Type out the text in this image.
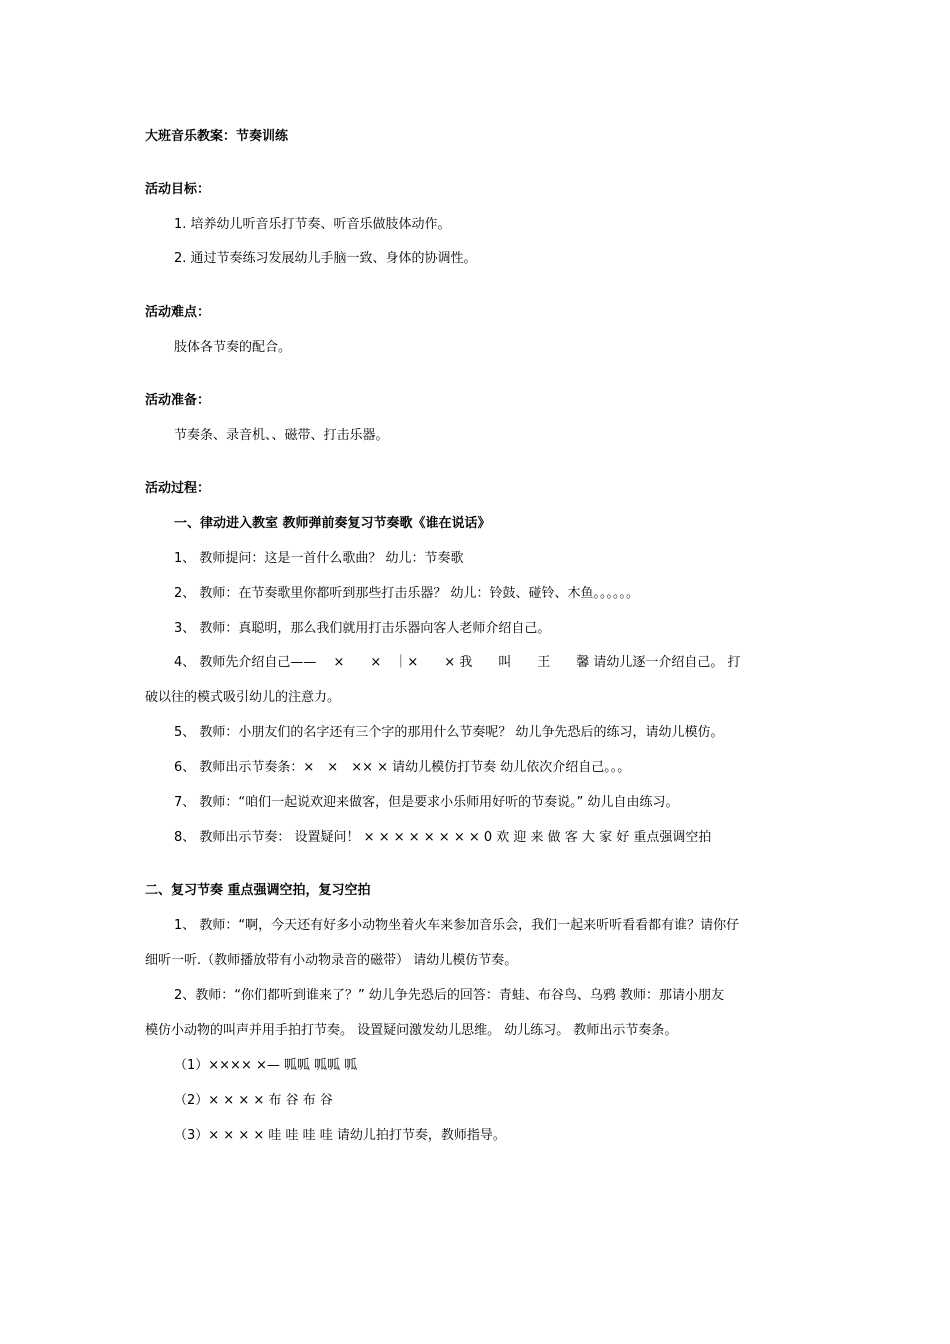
大班音乐教案：节奏训练
活动目标：
1. 培养幼儿听音乐打节奏、听音乐做肢体动作。
2. 通过节奏练习发展幼儿手脑一致、身体的协调性。
活动难点：
肢体各节奏的配合。
活动准备：
节奏条、录音机、、磁带、打击乐器。
活动过程：
一、律动进入教室 教师弹前奏复习节奏歌《谁在说话》
1、 教师提问：这是一首什么歌曲？ 幼儿：节奏歌
2、 教师：在节奏歌里你都听到那些打击乐器？ 幼儿：铃鼓、碰铃、木鱼。。。。。。
3、 教师：真聪明，那么我们就用打击乐器向客人老师介绍自己。
4、 教师先介绍自己——　 ×　　×　｜×　　× 我　　叫　　王　　馨 请幼儿逐一介绍自己。 打
破以往的模式吸引幼儿的注意力。
5、 教师：小朋友们的名字还有三个字的那用什么节奏呢？ 幼儿争先恐后的练习，请幼儿模仿。
6、 教师出示节奏条：×　×　×× × 请幼儿模仿打节奏 幼儿依次介绍自己。。。
7、 教师：“咱们一起说欢迎来做客，但是要求小乐师用好听的节奏说。” 幼儿自由练习。
8、 教师出示节奏： 设置疑问！ × × × × × × × × 0 欢 迎 来 做 客 大 家 好 重点强调空拍
二、复习节奏 重点强调空拍，复习空拍
1、 教师：“啊，今天还有好多小动物坐着火车来参加音乐会，我们一起来听听看看都有谁？请你仔
细听一听.（教师播放带有小动物录音的磁带） 请幼儿模仿节奏。
2、教师：“你们都听到谁来了？” 幼儿争先恐后的回答：青蛙、布谷鸟、乌鸦 教师：那请小朋友
模仿小动物的叫声并用手拍打节奏。 设置疑问激发幼儿思维。 幼儿练习。 教师出示节奏条。
（1）×××× ×— 呱呱 呱呱 呱
（2）× × × × 布 谷 布 谷
（3）× × × × 哇 哇 哇 哇 请幼儿拍打节奏，教师指导。
